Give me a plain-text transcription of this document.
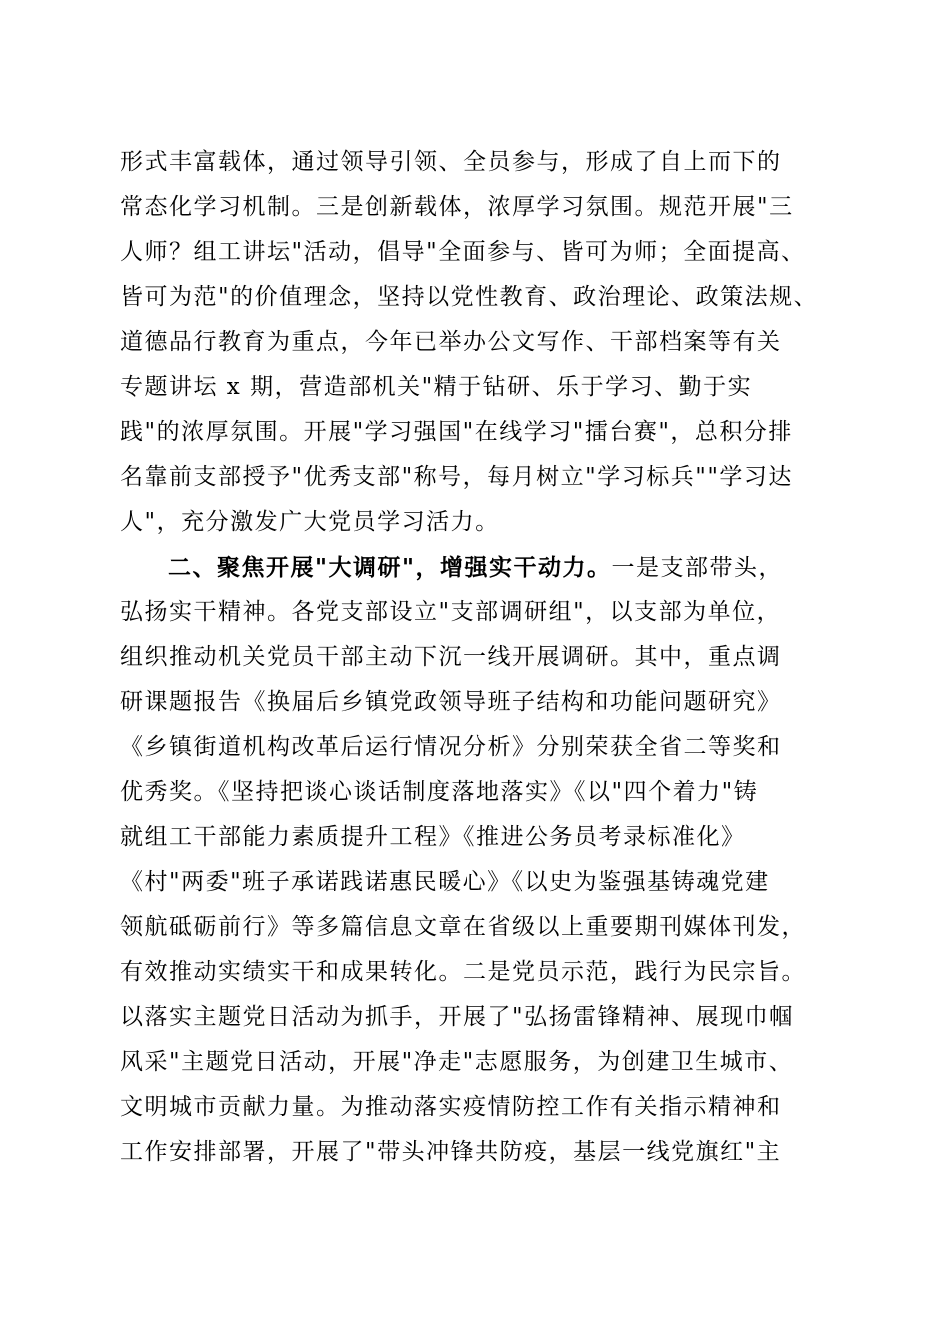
形式丰富载体，通过领导引领、全员参与，形成了自上而下的
常态化学习机制。三是创新载体，浓厚学习氛围。规范开展"三
人师？组工讲坛"活动，倡导"全面参与、皆可为师；全面提高、
皆可为范"的价值理念，坚持以党性教育、政治理论、政策法规、
道德品行教育为重点，今年已举办公文写作、干部档案等有关
专题讲坛 x 期，营造部机关"精于钻研、乐于学习、勤于实
践"的浓厚氛围。开展"学习强国"在线学习"擂台赛"，总积分排
名靠前支部授予"优秀支部"称号，每月树立"学习标兵""学习达
人"，充分激发广大党员学习活力。
二、聚焦开展"大调研"，增强实干动力。一是支部带头，
弘扬实干精神。各党支部设立"支部调研组"，以支部为单位，
组织推动机关党员干部主动下沉一线开展调研。其中，重点调
研课题报告《换届后乡镇党政领导班子结构和功能问题研究》
《乡镇街道机构改革后运行情况分析》分别荣获全省二等奖和
优秀奖。《坚持把谈心谈话制度落地落实》《以"四个着力"铸
就组工干部能力素质提升工程》《推进公务员考录标准化》
《村"两委"班子承诺践诺惠民暖心》《以史为鉴强基铸魂党建
领航砥砺前行》等多篇信息文章在省级以上重要期刊媒体刊发，
有效推动实绩实干和成果转化。二是党员示范，践行为民宗旨。
以落实主题党日活动为抓手，开展了"弘扬雷锋精神、展现巾帼
风采"主题党日活动，开展"净走"志愿服务，为创建卫生城市、
文明城市贡献力量。为推动落实疫情防控工作有关指示精神和
工作安排部署，开展了"带头冲锋共防疫，基层一线党旗红"主
